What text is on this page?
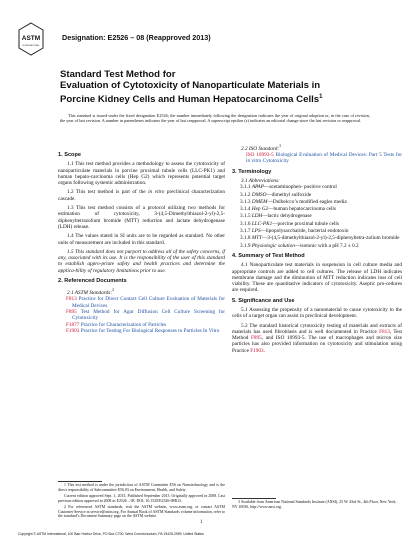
ASTM
INTERNATIONAL
Designation: E2526 – 08 (Reapproved 2013)
Standard Test Method for
Evaluation of Cytotoxicity of Nanoparticulate Materials in
Porcine Kidney Cells and Human Hepatocarcinoma Cells$^1$
This standard is issued under the fixed designation E2526; the number immediately following the designation indicates the year of original adoption or, in the case of revision, the year of last revision. A number in parentheses indicates the year of last reapproval. A superscript epsilon (ε) indicates an editorial change since the last revision or reapproval.
1. Scope

1.1 This test method provides a methodology to assess the cytotoxicity of nanoparticulate materials in porcine proximal tubule cells (LLC-PK1) and human hepato-carcinoma cells (Hep G2) which represents potential target organs following systemic administration.

1.2 This test method is part of the in vitro preclinical characterization cascade.

1.3 This test method consists of a protocol utilizing two methods for estimation of cytotoxicity, 3-(4,5-Dimethylthiazol-2-yl)-2,5-diphenyltetrazolium bromide (MTT) reduction and lactate dehydrogenase (LDH) release.

1.4 The values stated in SI units are to be regarded as standard. No other units of measurement are included in this standard.

1.5 This standard does not purport to address all of the safety concerns, if any, associated with its use. It is the responsibility of the user of this standard to establish appro-priate safety and health practices and determine the applica-bility of regulatory limitations prior to use.

2. Referenced Documents

2.1 ASTM Standards:$^2$

F813 Practice for Direct Contact Cell Culture Evaluation of Materials for Medical Devices

F895 Test Method for Agar Diffusion Cell Culture Screening for Cytotoxicity

F1877 Practice for Characterization of Particles

F1903 Practice for Testing For Biological Responses to Particles In Vitro

2.2 ISO Standard:$^3$

ISO 10993-5 Biological Evaluation of Medical Devices: Part 5 Tests for in vitro Cytotoxicity

3. Terminology

3.1 Abbreviations:

3.1.1 APAP—acetaminophen- positive control

3.1.2 DMSO—dimethyl sulfoxide

3.1.3 DMEM—Dulbelcco’s modified eagles media

3.1.4 Hep G2—human hepatocarcinoma cells

3.1.5 LDH—lactic dehydrogenase

3.1.6 LLC-PK1—porcine proximal tubule cells

3.1.7 LPS—lipopolysaccharide, bacterial endotoxin

3.1.8 MTT—3-(4,5-dimethylthiazol-2-yl)-2,5-diphenyltetra-zolium bromide

3.1.9 Physiologic solution—isotonic with a pH 7.2 ± 0.2

4. Summary of Test Method

4.1 Nanoparticulate test materials in suspension in cell culture media and appropriate controls are added to cell cultures. The release of LDH indicates membrane damage and the diminution of MTT reduction indicates loss of cell viability. These are quantitative indicators of cytotoxicity. Aseptic pro-cedures are required.

5. Significance and Use

5.1 Assessing the propensity of a nanomaterial to cause cytotoxicity to the cells of a target organ can assist in preclinical development.

5.2 The standard historical cytotoxicity testing of materials and extracts of materials has used fibroblasts and is well documented in Practice F813, Test Method F895, and ISO 10993-5. The use of macrophages and micron size particles has also provided information on cytotoxicity and stimulation using Practice F1903.

1 This test method is under the jurisdiction of ASTM Committee E56 on Nanotechnology and is the direct responsibility of Subcommittee E56.03 on Environment, Health, and Safety.

Current edition approved Sept. 1, 2013. Published September 2013. Originally approved in 2008. Last previous edition approved in 2008 as E2526 – 08. DOI: 10.1520/E2526-08R13.

2 For referenced ASTM standards, visit the ASTM website, www.astm.org, or contact ASTM Customer Service at service@astm.org. For Annual Book of ASTM Standards volume information, refer to the standard’s Document Summary page on the ASTM website.

3 Available from American National Standards Institute (ANSI), 25 W. 43rd St., 4th Floor, New York, NY 10036, http://www.ansi.org.
1
Copyright © ASTM International, 100 Barr Harbor Drive, PO Box C700, West Conshohocken, PA 19428-2959. United States
